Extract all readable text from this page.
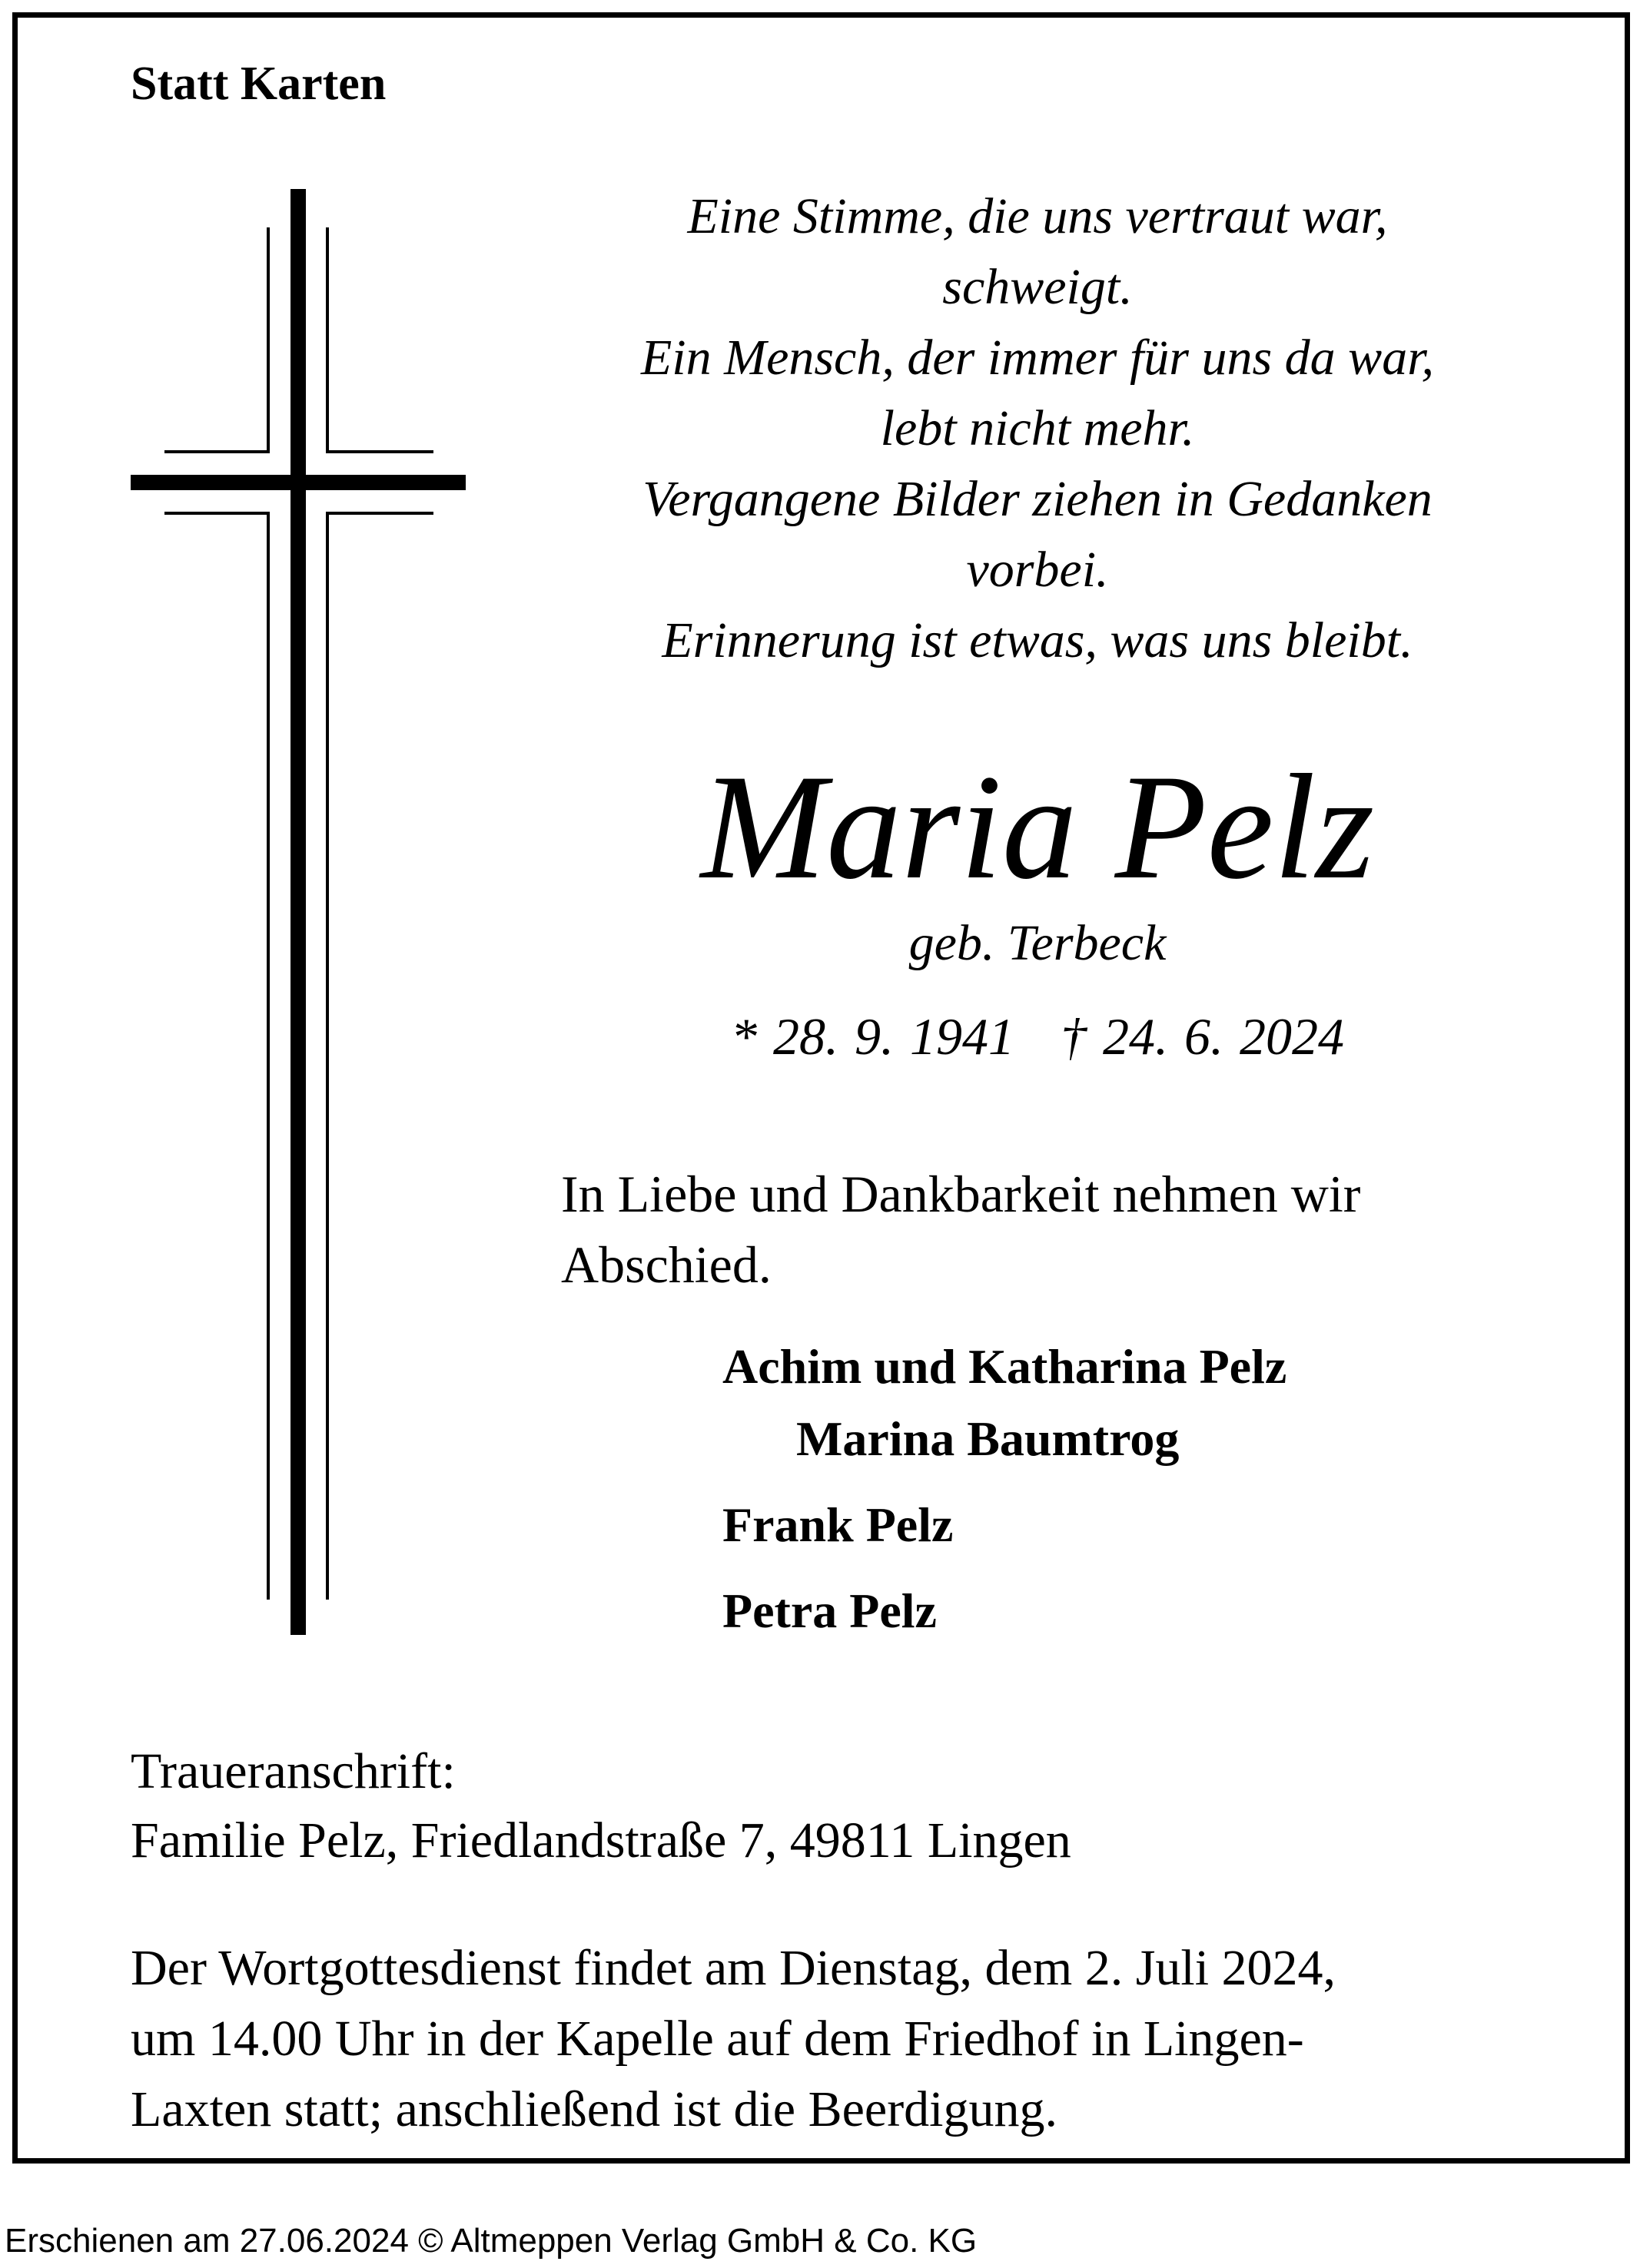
Statt Karten

Eine Stimme, die uns vertraut war,
schweigt.
Ein Mensch, der immer für uns da war,
lebt nicht mehr.
Vergangene Bilder ziehen in Gedanken
vorbei.
Erinnerung ist etwas, was uns bleibt.

Maria Pelz

geb. Terbeck

* 28. 9. 1941 † 24. 6. 2024

In Liebe und Dankbarkeit nehmen wir
Abschied.

Achim und Katharina Pelz

Marina Baumtrog

Frank Pelz

Petra Pelz

Traueranschrift:

Familie Pelz, Friedlandstraße 7, 49811 Lingen

Der Wortgottesdienst findet am Dienstag, dem 2. Juli 2024,
um 14.00 Uhr in der Kapelle auf dem Friedhof in Lingen-
Laxten statt; anschließend ist die Beerdigung.

Erschienen am 27.06.2024 © Altmeppen Verlag GmbH & Co. KG
